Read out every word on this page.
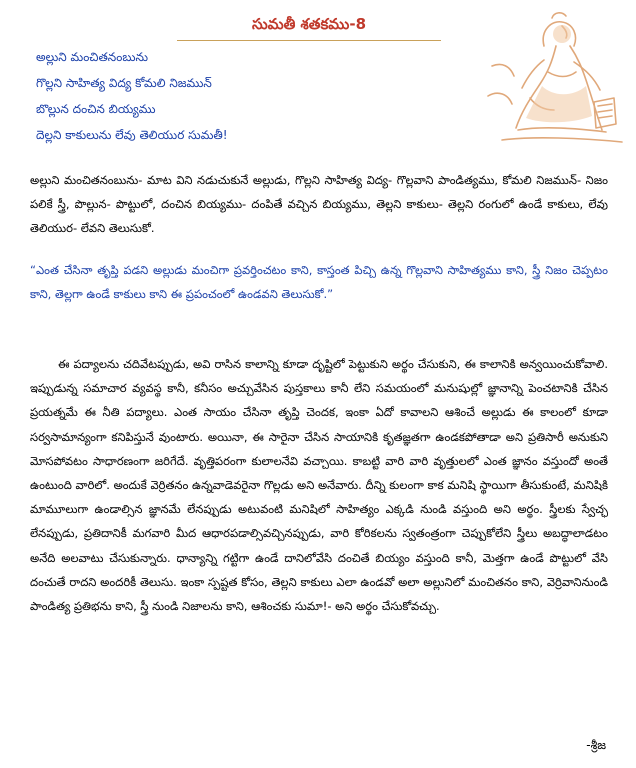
సుమతీ శతకము-8
అల్లుని మంచితనంబును
గొల్లని సాహిత్య విద్య కోమలి నిజమున్
బొల్లున దంచిన బియ్యము
దెల్లని కాకులును లేవు తెలియుర సుమతీ!
అల్లుని మంచితనంబును- మాట విని నడుచుకునే అల్లుడు, గొల్లని సాహిత్య విద్య- గొల్లవాని పాండిత్యము, కోమలి నిజమున్- నిజం పలికే స్త్రీ, పొల్లున- పొట్టులో, దంచిన బియ్యము- దంపితే వచ్చిన బియ్యము, తెల్లని కాకులు- తెల్లని రంగులో ఉండే కాకులు, లేవు తెలియుర- లేవని తెలుసుకో.
“ఎంత చేసినా తృప్తి పడని అల్లుడు మంచిగా ప్రవర్తించటం కాని, కాస్తంత పిచ్చి ఉన్న గొల్లవాని సాహిత్యము కాని, స్త్రీ నిజం చెప్పటం కాని, తెల్లగా ఉండే కాకులు కాని ఈ ప్రపంచంలో ఉండవని తెలుసుకో.”
ఈ పద్యాలను చదివేటప్పుడు, అవి రాసిన కాలాన్ని కూడా దృష్టిలో పెట్టుకుని అర్థం చేసుకుని, ఈ కాలానికి అన్వయించుకోవాలి. ఇప్పుడున్న సమాచార వ్యవస్థ కానీ, కనీసం అచ్చువేసిన పుస్తకాలు కానీ లేని సమయంలో మనుషుల్లో జ్ఞానాన్ని పెంచటానికి చేసిన ప్రయత్నమే ఈ నీతి పద్యాలు. ఎంత సాయం చేసినా తృప్తి చెందక, ఇంకా ఏదో కావాలని ఆశించే అల్లుడు ఈ కాలంలో కూడా సర్వసామాన్యంగా కనిపిస్తునే వుంటారు. అయినా, ఈ సారైనా చేసిన సాయానికి కృతజ్ఞతగా ఉండకపోతాడా అని ప్రతిసారీ అనుకుని మోసపోవటం సాధారణంగా జరిగేదే. వృత్తిపరంగా కులాలనేవి వచ్చాయి. కాబట్టి వారి వారి వృత్తులలో ఎంత జ్ఞానం వస్తుందో అంతే ఉంటుంది వారిలో. అందుకే వెర్రితనం ఉన్నవాడెవరైనా గొల్లడు అని అనేవారు. దీన్ని కులంగా కాక మనిషి స్థాయిగా తీసుకుంటే, మనిషికి మామూలుగా ఉండాల్సిన జ్ఞానమే లేనప్పుడు అటువంటి మనిషిలో సాహిత్యం ఎక్కడి నుండి వస్తుంది అని అర్థం. స్త్రీలకు స్వేచ్ఛ లేనప్పుడు, ప్రతిదానికీ మగవారి మీద ఆధారపడాల్సివచ్చినప్పుడు, వారి కోరికలను స్వతంత్రంగా చెప్పుకోలేని స్త్రీలు అబద్ధాలాడటం అనేది అలవాటు చేసుకున్నారు. ధాన్యాన్ని గట్టిగా ఉండే దానిలోవేసి దంచితే బియ్యం వస్తుంది కానీ, మెత్తగా ఉండే పొట్టులో వేసి దంచుతే రాదని అందరికీ తెలుసు. ఇంకా స్పష్టత కోసం, తెల్లని కాకులు ఎలా ఉండవో అలా అల్లునిలో మంచితనం కాని, వెర్రివానినుండి పాండిత్య ప్రతిభను కాని, స్త్రీ నుండి నిజాలను కాని, ఆశించకు సుమా!- అని అర్థం చేసుకోవచ్చు.
-శ్రీజ
